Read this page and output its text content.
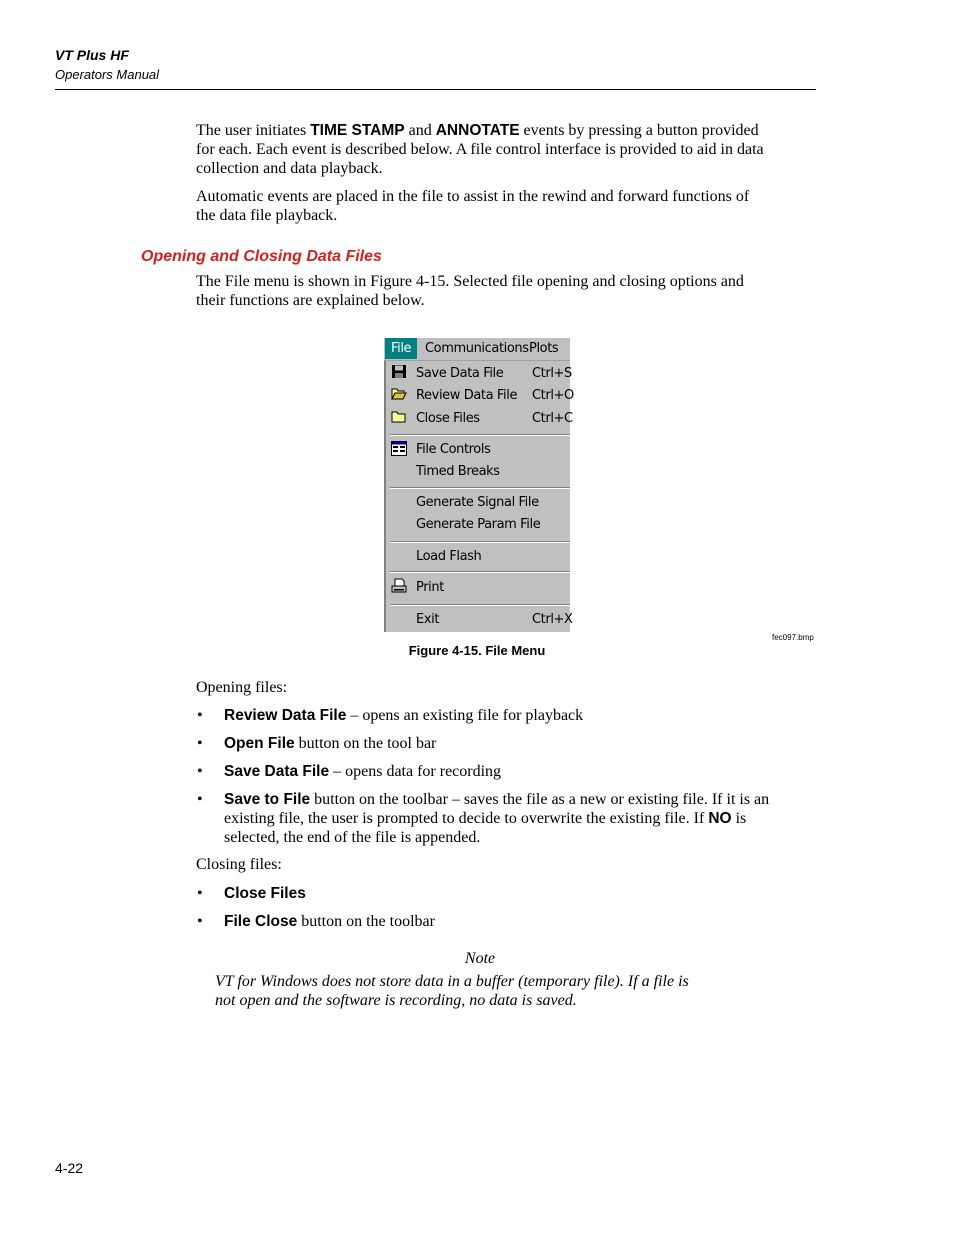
VT Plus HF
Operators Manual
The user initiates TIME STAMP and ANNOTATE events by pressing a button provided
for each. Each event is described below. A file control interface is provided to aid in data
collection and data playback.
Automatic events are placed in the file to assist in the rewind and forward functions of
the data file playback.
Opening and Closing Data Files
The File menu is shown in Figure 4-15. Selected file opening and closing options and
their functions are explained below.
File	Communications Plots
Save Data File Ctrl+S
Review Data File Ctrl+O
Close Files	Ctrl+C
File Controls
Timed Breaks
Generate Signal File
Generate Param File
Load Flash
Print
Exit	Ctrl+X
fec097.bmp
Figure 4-15. File Menu
Opening files:
• Review Data File – opens an existing file for playback
• Open File button on the tool bar
• Save Data File – opens data for recording
• Save to File button on the toolbar – saves the file as a new or existing file. If it is an
existing file, the user is prompted to decide to overwrite the existing file. If NO is
selected, the end of the file is appended.
Closing files:
• Close Files
• File Close button on the toolbar
Note
VT for Windows does not store data in a buffer (temporary file). If a file is
not open and the software is recording, no data is saved.
4-22
